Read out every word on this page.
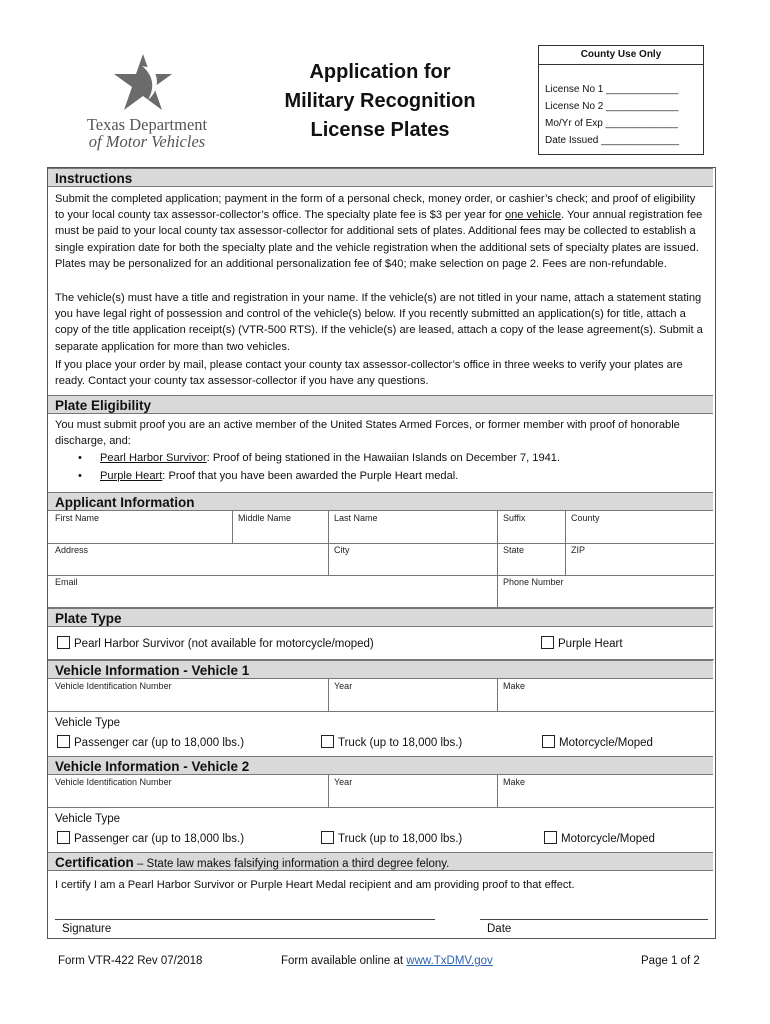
Texas Department
of Motor Vehicles
Application for
Military Recognition
License Plates
County Use Only
License No 1 _____________
License No 2 _____________
Mo/Yr of Exp _____________
Date Issued ______________
Instructions
Submit the completed application; payment in the form of a personal check, money order, or cashier’s check; and proof of eligibility to your local county tax assessor-collector’s office. The specialty plate fee is $3 per year for one vehicle. Your annual registration fee must be paid to your local county tax assessor-collector for additional sets of plates. Additional fees may be collected to establish a single expiration date for both the specialty plate and the vehicle registration when the additional sets of specialty plates are issued. Plates may be personalized for an additional personalization fee of $40; make selection on page 2. Fees are non-refundable.
The vehicle(s) must have a title and registration in your name. If the vehicle(s) are not titled in your name, attach a statement stating you have legal right of possession and control of the vehicle(s) below. If you recently submitted an application(s) for title, attach a copy of the title application receipt(s) (VTR-500 RTS). If the vehicle(s) are leased, attach a copy of the lease agreement(s). Submit a separate application for more than two vehicles.
If you place your order by mail, please contact your county tax assessor-collector’s office in three weeks to verify your plates are ready. Contact your county tax assessor-collector if you have any questions.
Plate Eligibility
You must submit proof you are an active member of the United States Armed Forces, or former member with proof of honorable discharge, and:
• Pearl Harbor Survivor: Proof of being stationed in the Hawaiian Islands on December 7, 1941.
• Purple Heart: Proof that you have been awarded the Purple Heart medal.
Applicant Information
First Name	Middle Name	Last Name	Suffix	County
Address	City	State	ZIP
Email	Phone Number
Plate Type
Pearl Harbor Survivor (not available for motorcycle/moped)	Purple Heart
Vehicle Information - Vehicle 1
Vehicle Identification Number	Year	Make
Vehicle Type
Passenger car (up to 18,000 lbs.)	Truck (up to 18,000 lbs.)	Motorcycle/Moped
Vehicle Information - Vehicle 2
Vehicle Identification Number	Year	Make
Vehicle Type
Passenger car (up to 18,000 lbs.)	Truck (up to 18,000 lbs.)	Motorcycle/Moped
Certification – State law makes falsifying information a third degree felony.
I certify I am a Pearl Harbor Survivor or Purple Heart Medal recipient and am providing proof to that effect.
Signature	Date
Form VTR-422 Rev 07/2018	Form available online at www.TxDMV.gov	Page 1 of 2
